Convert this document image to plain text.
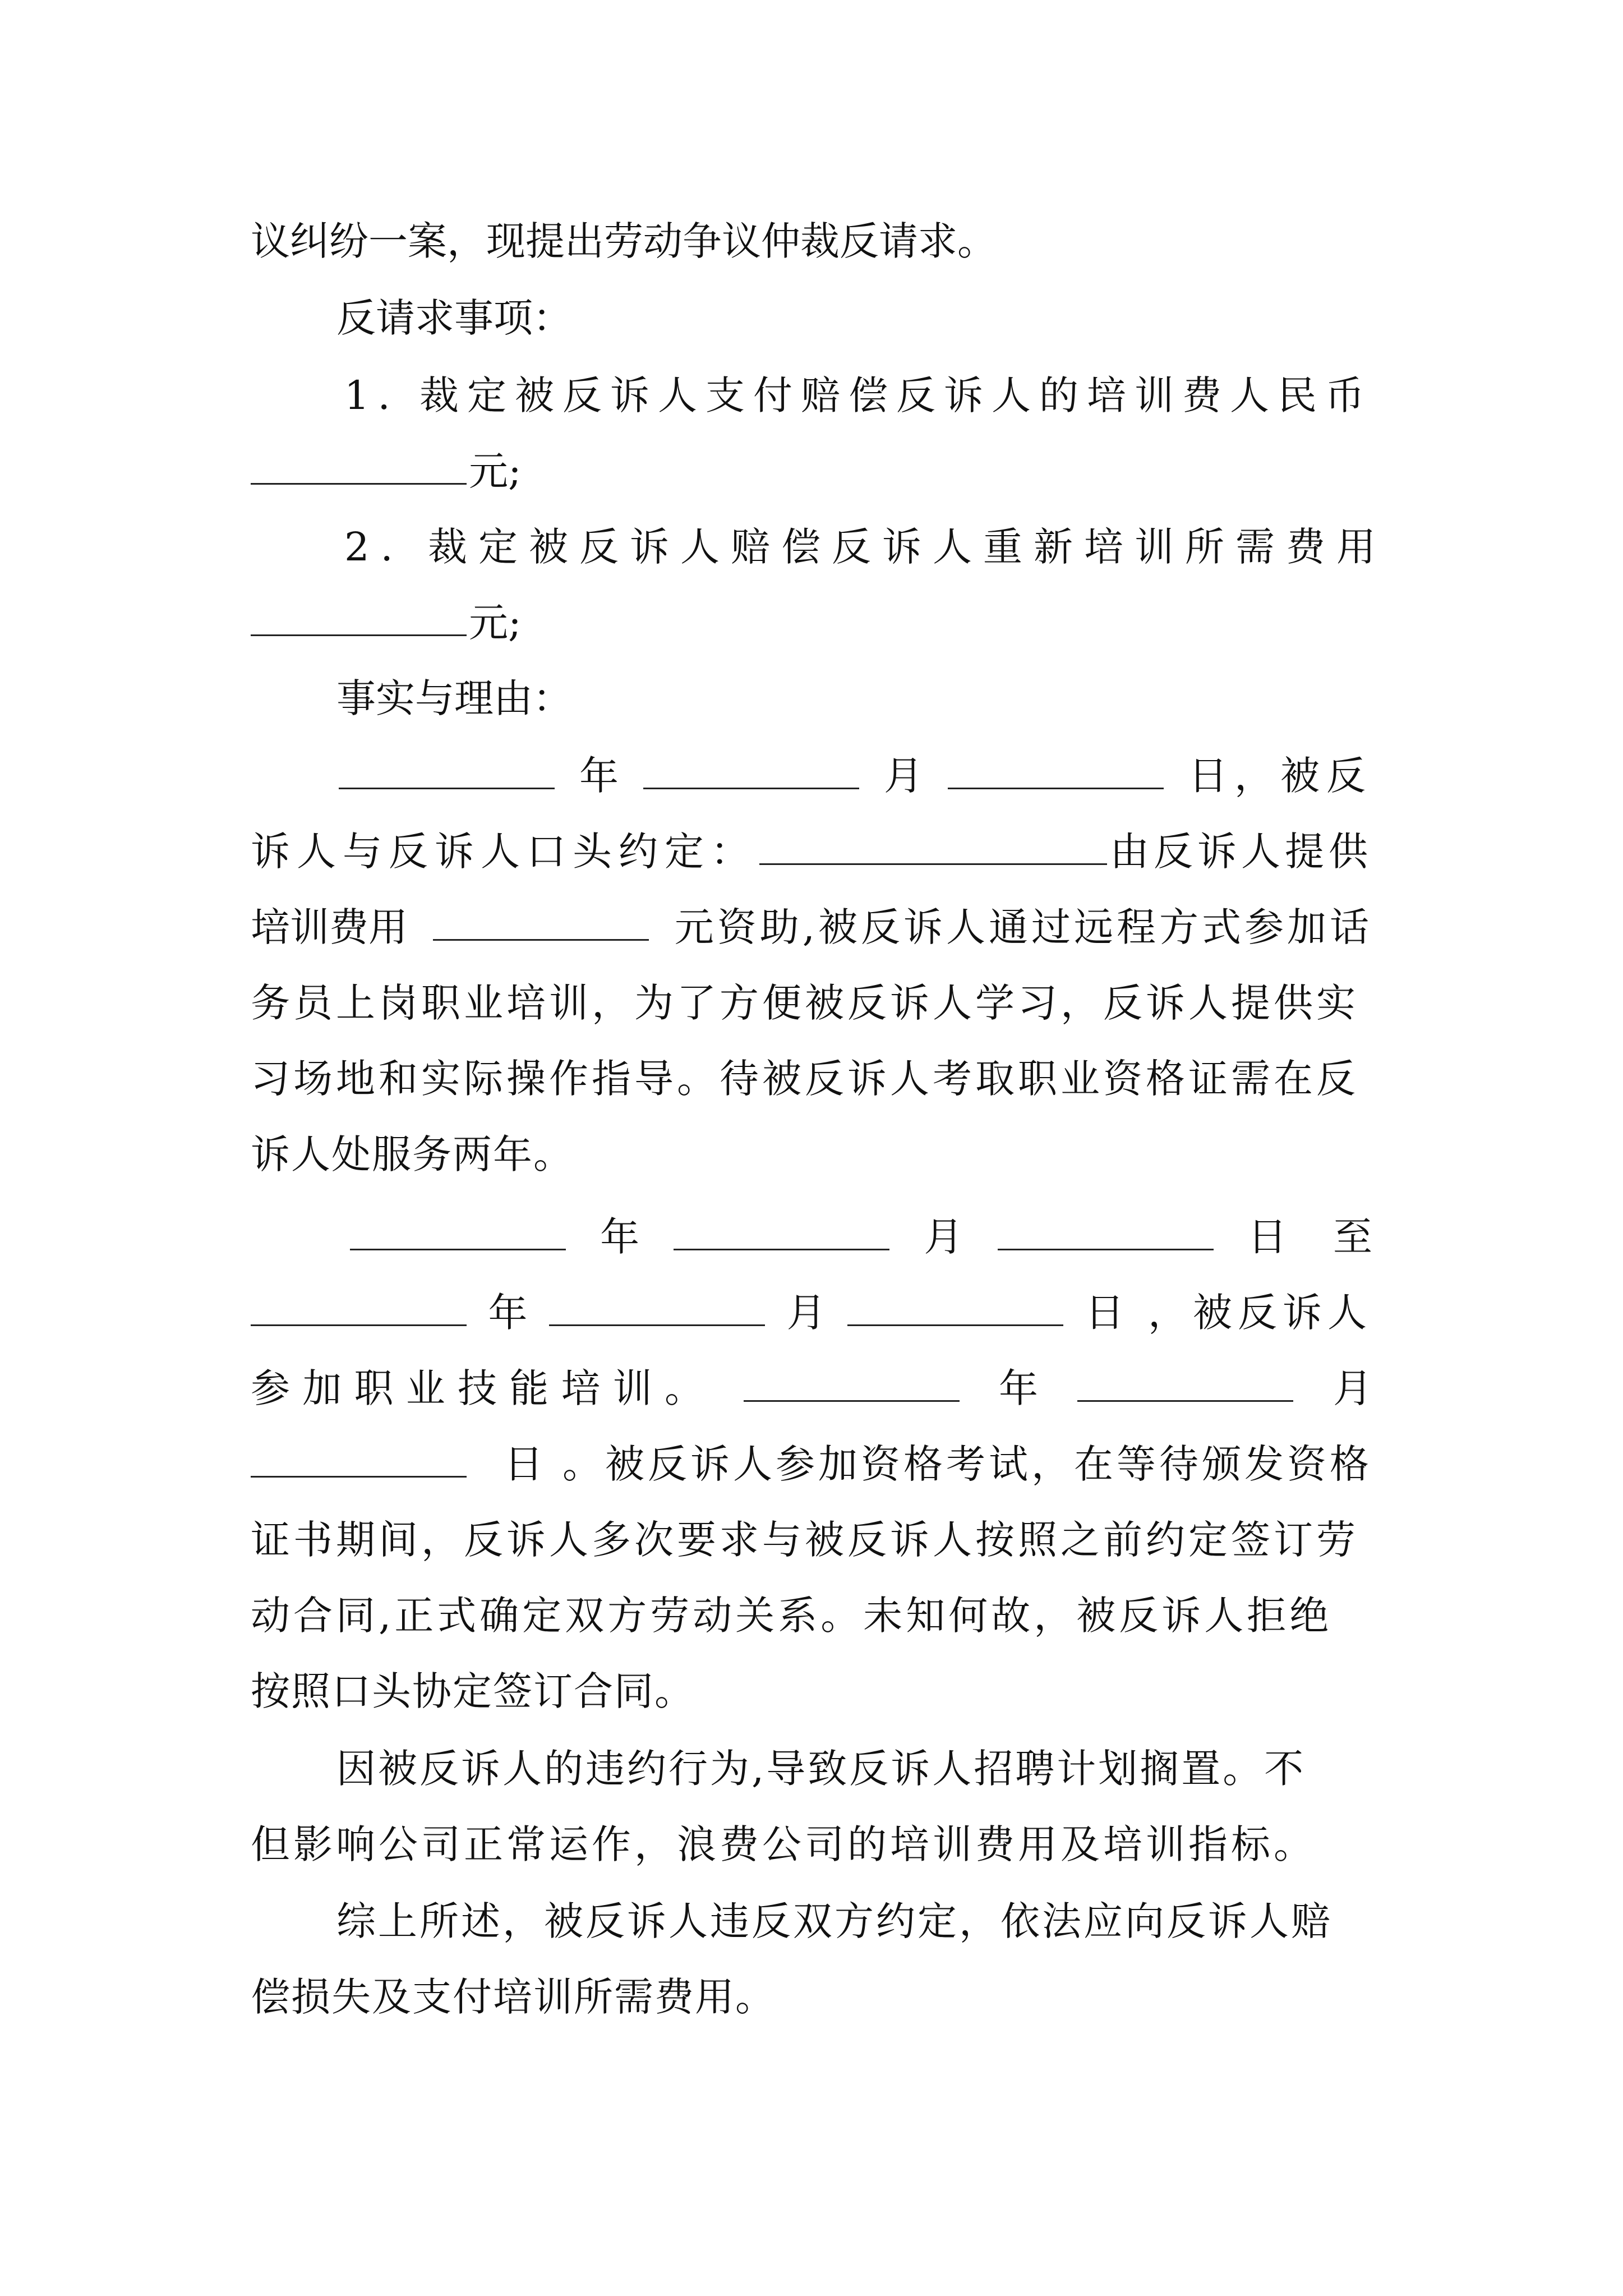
议纠纷一案，现提出劳动争议仲裁反请求。
反请求事项：
1. 裁定被反诉人支付赔偿反诉人的培训费人民币
元;
2. 裁定被反诉人赔偿反诉人重新培训所需费用
元;
事实与理由：
年	月	日，被反
诉人与反诉人口头约定：	由反诉人提供
培训费用	元资助,被反诉人通过远程方式参加话
务员上岗职业培训，为了方便被反诉人学习，反诉人提供实
习场地和实际操作指导。待被反诉人考取职业资格证需在反
诉人处服务两年。
年	月	日 至
年	月	日 ，被反诉人
参 加 职 业 技 能 培 训 。	年	月
日 。被反诉人参加资格考试，在等待颁发资格
证书期间，反诉人多次要求与被反诉人按照之前约定签订劳
动合同,正式确定双方劳动关系。未知何故，被反诉人拒绝
按照口头协定签订合同。
因被反诉人的违约行为,导致反诉人招聘计划搁置。不
但影响公司正常运作，浪费公司的培训费用及培训指标。
综上所述，被反诉人违反双方约定，依法应向反诉人赔
偿损失及支付培训所需费用。
